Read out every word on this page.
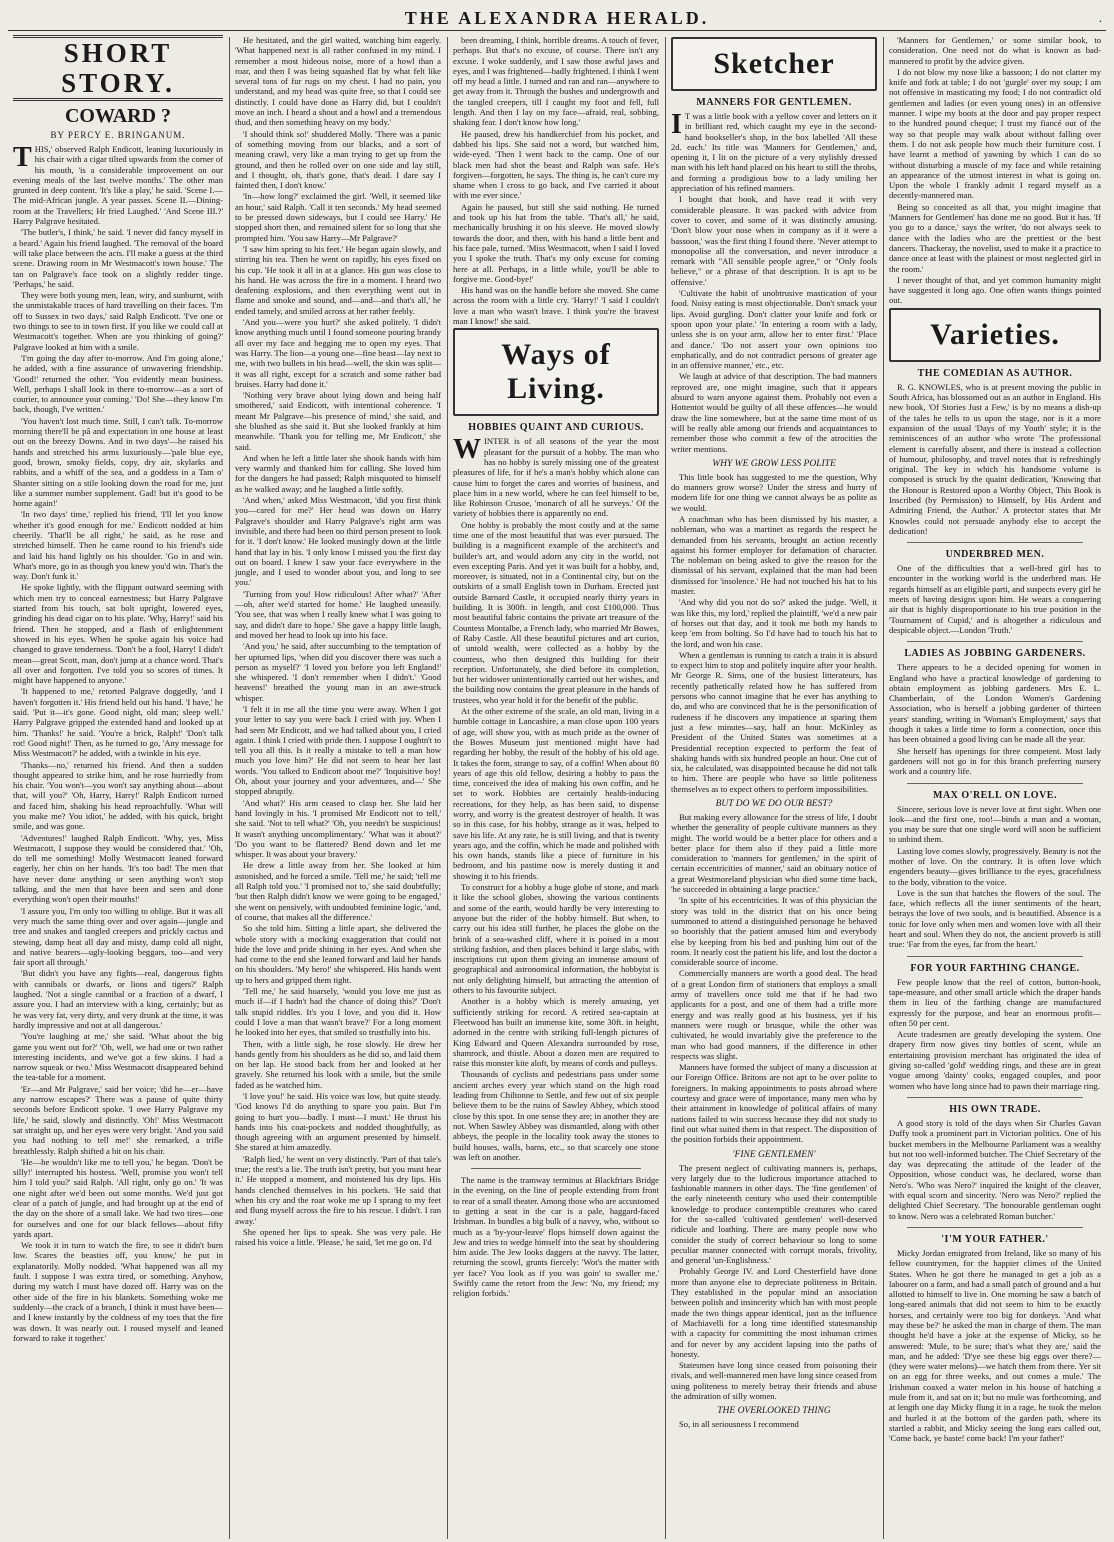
THE ALEXANDRA HERALD.	.
SHORT STORY.
COWARD ?
BY PERCY E. BRINGANUM.
T HIS,' observed Ralph Endicott, leaning luxuriously in his chair with a cigar tilted upwards from the corner of his mouth, 'is a considerable improvement on our evening meals of the last twelve months.' The other man grunted in deep content. 'It's like a play,' he said. 'Scene I.—The mid-African jungle. A year passes. Scene II.—Dining-room at the Travellers; Hr fried Laughed.' 'And Scene III.?' Harry Palgrave hesitated.

'The butler's, I think,' he said. 'I never did fancy myself in a beard.' Again his friend laughed. 'The removal of the board will take place between the acts. I'll make a guess at the third scene. Drawing room in Mr Westmacott's town house.' The tan on Palgrave's face took on a slightly redder tinge. 'Perhaps,' he said.

They were both young men, lean, wiry, and sunburnt, with the unmistakable traces of hard travelling on their faces. 'I'm off to Sussex in two days,' said Ralph Endicott. 'I've one or two things to see to in town first. If you like we could call at Westmacott's together. When are you thinking of going?' Palgrave looked at him with a smile.

'I'm going the day after to-morrow. And I'm going alone,' he added, with a fine assurance of unwavering friendship. 'Good!' returned the other. 'You evidently mean business. Well, perhaps I shall look in there to-morrow—as a sort of courier, to announce your coming.' 'Do! She—they know I'm back, though, I've written.'

'You haven't lost much time. Still, I can't talk. To-morrow morning there'll be pâ and expectation in one house at least out on the breezy Downs. And in two days'—he raised his hands and stretched his arms luxuriously—'pale blue eye, good, brown, smoky fields, copy, dry air, skylarks and rabbits, and a whiff of the sea, and a goddess in a Tam o' Shanter sitting on a stile looking down the road for me, just like a summer number supplement. Gad! but it's good to be home again!'

'In two days' time,' replied his friend, 'I'll let you know whether it's good enough for me.' Endicott nodded at him cheerily. 'That'll be all right,' he said, as he rose and stretched himself. Then he came round to his friend's side and laid his hand lightly on his shoulder. 'Go in and win. What's more, go in as though you knew you'd win. That's the way. Don't funk it.'

He spoke lightly, with the flippant outward seeming with which men try to conceal earnestness; but Harry Palgrave started from his touch, sat bolt upright, lowered eyes, grinding his dead cigar on to his plate. 'Why, Harry!' said his friend. Then he stopped, and a flash of enlightenment showed in his eyes. When he spoke again his voice had changed to grave tenderness. 'Don't be a fool, Harry! I didn't mean—great Scott, man, don't jump at a chance word. That's all over and forgotten. I've told you so scores of times. It might have happened to anyone.'

'It happened to me,' retorted Palgrave doggedly, 'and I haven't forgotten it.' His friend held out his hand. 'I have,' he said. 'Put it—it's gone. Good night, old man; sleep well.' Harry Palgrave gripped the extended hand and looked up at him. 'Thanks!' he said. 'You're a brick, Ralph!' 'Don't talk rot! Good night!' Then, as he turned to go, 'Any message for Miss Westmacott?' he added, with a twinkle in his eye.

'Thanks—no,' returned his friend. And then a sudden thought appeared to strike him, and he rose hurriedly from his chair. 'You won't—you won't say anything about—about that, will you?' 'Oh, Harry, Harry!' Ralph Endicott turned and faced him, shaking his head reproachfully. 'What will you make me? You idiot,' he added, with his quick, bright smile, and was gone.

'Adventures!' laughed Ralph Endicott. 'Why, yes, Miss Westmacott, I suppose they would be considered that.' 'Oh, do tell me something! Molly Westmacott leaned forward eagerly, her chin on her hands. 'It's too bad! The men that have never done anything or seen anything won't stop talking, and the men that have been and seen and done everything won't open their mouths!'

'I assure you, I'm only too willing to oblige. But it was all very much the same thing over and over again—jungle and tree and snakes and tangled creepers and prickly cactus and stewing, damp heat all day and misty, damp cold all night, and native bearers—ugly-looking beggars, too—and very fair sport all through.'

'But didn't you have any fights—real, dangerous fights with cannibals or dwarfs, or lions and tigers?' Ralph laughed. 'Not a single cannibal or a fraction of a dwarf, I assure you. I had an interview with a king, certainly; but as he was very fat, very dirty, and very drunk at the time, it was hardly impressive and not at all dangerous.'

'You're laughing at me,' she said. 'What about the big game you went out for?' 'Oh, well, we had one or two rather interesting incidents, and we've got a few skins. I had a narrow squeak or two.' Miss Westmacott disappeared behind the tea-table for a moment.

'Er—and Mr Palgrave,' said her voice; 'did he—er—have any narrow escapes?' There was a pause of quite thirty seconds before Endicott spoke. 'I owe Harry Palgrave my life,' he said, slowly and distinctly. 'Oh!' Miss Westmacott sat straight up, and her eyes were very bright. 'And you said you had nothing to tell me!' she remarked, a trifle breathlessly. Ralph shifted a bit on his chair.

'He—he wouldn't like me to tell you,' he began. 'Don't be silly!' interrupted his hostess. 'Well, promise you won't tell him I told you?' said Ralph. 'All right, only go on.' 'It was one night after we'd been out some months. We'd just got clear of a patch of jungle, and had brought up at the end of the day on the shore of a small lake. We had two tires—one for ourselves and one for our black fellows—about fifty yards apart.

We took it in turn to watch the fire, to see it didn't burn low. Scares the beasties off, you know,' he put in explanatorily. Molly nodded. 'What happened was all my fault. I suppose I was extra tired, or something. Anyhow, during my watch I must have dozed off. Harry was on the other side of the fire in his blankets. Something woke me suddenly—the crack of a branch, I think it must have been—and I knew instantly by the coldness of my toes that the fire was down. It was nearly out. I roused myself and leaned forward to rake it together.'

He hesitated, and the girl waited, watching him eagerly. 'What happened next is all rather confused in my mind. I remember a most hideous noise, more of a howl than a roar, and then I was being squashed flat by what felt like several tons of fur rugs on my chest. I had no pain, you understand, and my head was quite free, so that I could see distinctly. I could have done as Harry did, but I couldn't move an inch. I heard a shout and a howl and a tremendous thud, and then something heavy on my body.'

'I should think so!' shuddered Molly. 'There was a panic of something moving from our blacks, and a sort of meaning crawl, very like a man trying to get up from the ground, and then he rolled over on one side and lay still, and I thought, oh, that's gone, that's dead. I dare say I fainted then, I don't know.'

'In—how long?' exclaimed the girl. 'Well, it seemed like an hour,' said Ralph. 'Call it ten seconds.' My head seemed to be pressed down sideways, but I could see Harry.' He stopped short then, and remained silent for so long that she prompted him. 'You saw Harry—Mr Palgrave?'

'I saw him spring to his feet.' He began again slowly, and stirring his tea. Then he went on rapidly, his eyes fixed on his cup. 'He took it all in at a glance. His gun was close to his hand. He was across the fire in a moment. I heard two deafening explosions, and then everything went out in flame and smoke and sound, and—and—and that's all,' he ended tamely, and smiled across at her rather feebly.

'And you—were you hurt?' she asked politely. 'I didn't know anything much until I found someone pouring brandy all over my face and begging me to open my eyes. That was Harry. The lion—a young one—fine beast—lay next to me, with two bullets in his head—well, the skin was split—it was all right, except for a scratch and some rather bad bruises. Harry had done it.'

'Nothing very brave about lying down and being half smothered,' said Endicott, with intentional coherence. 'I meant Mr Palgrave—his presence of mind,' she said, and she blushed as she said it. But she looked frankly at him meanwhile. 'Thank you for telling me, Mr Endicott,' she said.

And when he left a little later she shook hands with him very warmly and thanked him for calling. She loved him for the dangers he had passed; Ralph misquoted to himself as he walked away; and he laughed a little softly.

'And when,' asked Miss Westmacott, 'did you first think you—cared for me?' Her head was down on Harry Palgrave's shoulder and Harry Palgrave's right arm was invisible, and there had been no third person present to look for it. 'I don't know.' He looked musingly down at the little hand that lay in his. 'I only know I missed you the first day out on board. I knew I saw your face everywhere in the jungle, and I used to wonder about you, and long to see you.'

'Turning from you! How ridiculous! After what?' 'After—oh, after we'd started for home.' He laughed uneasily. 'You see, that was when I really knew what I was going to say, and didn't dare to hope.' She gave a happy little laugh, and moved her head to look up into his face.

'And you,' he said, after succumbing to the temptation of her upturned lips, 'when did you discover there was such a person as myself?' 'I loved you before you left England!' she whispered. 'I don't remember when I didn't.' 'Good heavens!' breathed the young man in an awe-struck whisper.

'I felt it in me all the time you were away. When I got your letter to say you were back I cried with joy. When I had seen Mr Endicott, and we had talked about you, I cried again. I think I cried with pride then. I suppose I oughtn't to tell you all this. Is it really a mistake to tell a man how much you love him?' He did not seem to hear her last words. 'You talked to Endicott about me?' 'Inquisitive boy! Oh, about your journey and your adventures, and—' She stopped abruptly.

'And what?' His arm ceased to clasp her. She laid her hand lovingly in his. 'I promised Mr Endicott not to tell,' she said. 'Not to tell what?' 'Oh, you needn't be suspicious! It wasn't anything uncomplimentary.' 'What was it about?' 'Do you want to be flattered? Bend down and let me whisper. It was about your bravery.'

He drew a little away from her. She looked at him astonished, and he forced a smile. 'Tell me,' he said; 'tell me all Ralph told you.' 'I promised not to,' she said doubtfully; 'but then Ralph didn't know we were going to be engaged,' she went on pensively, with undoubted feminine logic, 'and, of course, that makes all the difference.'

So she told him. Sitting a little apart, she delivered the whole story with a mocking exaggeration that could not hide the love and pride shining in her eyes. And when she had come to the end she leaned forward and laid her hands on his shoulders. 'My hero!' she whispered. His hands went up to hers and gripped them tight.

'Tell me,' he said hoarsely, 'would you love me just as much if—if I hadn't had the chance of doing this?' 'Don't talk stupid riddles. It's you I love, and you did it. How could I love a man that wasn't brave?' For a long moment he looked into her eyes, that smiled so trustfully into his.

Then, with a little sigh, he rose slowly. He drew her hands gently from his shoulders as he did so, and laid them on her lap. He stood back from her and looked at her gravely. She returned his look with a smile, but the smile faded as he watched him.

'I love you!' he said. His voice was low, but quite steady. 'God knows I'd do anything to spare you pain. But I'm going to hurt you—badly. I must—I must.' He thrust his hands into his coat-pockets and nodded thoughtfully, as though agreeing with an argument presented by himself. She stared at him amazedly.

'Ralph lied,' he went on very distinctly. 'Part of that tale's true; the rest's a lie. The truth isn't pretty, but you must hear it.' He stopped a moment, and moistened his dry lips. His hands clenched themselves in his pockets. 'He said that when his cry and the roar woke me up I sprang to my feet and flung myself across the fire to his rescue. I didn't. I ran away.'

She opened her lips to speak. She was very pale. He raised his voice a little. 'Please,' he said, 'let me go on. I'd

been dreaming, I think, horrible dreams. A touch of fever, perhaps. But that's no excuse, of course. There isn't any excuse. I woke suddenly, and I saw those awful jaws and eyes, and I was frightened—badly frightened. I think I went off my head a little. I turned and ran and ran—anywhere to get away from it. Through the bushes and undergrowth and the tangled creepers, till I caught my foot and fell, full length. And then I lay on my face—afraid, real, sobbing, shaking fear. I don't know how long.'

He paused, drew his handkerchief from his pocket, and dabbed his lips. She said not a word, but watched him, wide-eyed. 'Then I went back to the camp. One of our black men had shot the beast and Ralph was safe. He's forgiven—forgotten, he says. The thing is, he can't cure my shame when I cross to go back, and I've carried it about with me ever since.'

Again he paused, but still she said nothing. He turned and took up his hat from the table. 'That's all,' he said, mechanically brushing it on his sleeve. He moved slowly towards the door, and then, with his hand a little bent and his face pale, turned. 'Miss Westmacott, when I said I loved you I spoke the truth. That's my only excuse for coming here at all. Perhaps, in a little while, you'll be able to forgive me. Good-bye!'

His hand was on the handle before she moved. She came across the room with a little cry. 'Harry!' 'I said I couldn't love a man who wasn't brave. I think you're the bravest man I know!' she said.

Ways of Living.
HOBBIES QUAINT AND CURIOUS.
W INTER is of all seasons of the year the most pleasant for the pursuit of a hobby. The man who has no hobby is surely missing one of the greatest pleasures of life, for if he's a man's hobby which alone can cause him to forget the cares and worries of business, and place him in a new world, where he can feel himself to be, like Robinson Crusoe, 'monarch of all he surveys.' Of the variety of hobbies there is apparently no end.

One hobby is probably the most costly and at the same time one of the most beautiful that was ever pursued. The building is a magnificent example of the architect's and builder's art, and would adorn any city in the world, not even excepting Paris. And yet it was built for a hobby, and, moreover, is situated, not in a Continental city, but on the outskirts of a small English town in Durham. Erected just outside Barnard Castle, it occupied nearly thirty years in building. It is 300ft. in length, and cost £100,000. Thus most beautiful fabric contains the private art treasure of the Countess Montalbe, a French lady, who married Mr Bowes, of Raby Castle. All these beautiful pictures and art curios, of untold wealth, were collected as a hobby by the countess, who then designed this building for their reception. Unfortunately, she died before its completion, but her widower unintentionally carried out her wishes, and the building now contains the great pleasure in the hands of trustees, who year hold it for the benefit of the public.

At the other extreme of the scale, an old man, living in a humble cottage in Lancashire, a man close upon 100 years of age, will show you, with as much pride as the owner of the Bowes Museum just mentioned might have had regarding her hobby, the result of the hobby of his old age. It takes the form, strange to say, of a coffin! When about 80 years of age this old fellow, desiring a hobby to pass the time, conceived the idea of making his own coffin, and he set to work. Hobbies are certainly health-inducing recreations, for they help, as has been said, to dispense worry, and worry is the greatest destroyer of health. It was so in this case, for his hobby, strange as it was, helped to save his life. At any rate, he is still living, and that is twenty years ago, and the coffin, which he made and polished with his own hands, stands like a piece of furniture in his bedroom, and his pastime now is merely dusting it and showing it to his friends.

To construct for a hobby a huge globe of stone, and mark it like the school globes, showing the various continents and some of the earth, would hardly be very interesting to anyone but the rider of the hobby himself. But when, to carry out his idea still further, he places the globe on the brink of a sea-washed cliff, where it is poised in a most striking fashion, and then places behind it large slabs, with inscriptions cut upon them giving an immense amount of geographical and astronomical information, the hobbyist is not only delighting himself, but attracting the attention of others to his favourite subject.

Another is a hobby which is merely amusing, yet sufficiently striking for record. A retired sea-captain at Fleetwood has built an immense kite, some 30ft. in height, adorned in the centre with striking full-length pictures of King Edward and Queen Alexandra surrounded by rose, shamrock, and thistle. About a dozen men are required to raise this monster kite aloft, by means of cords and pulleys.

Thousands of cyclists and pedestrians pass under some ancient arches every year which stand on the high road leading from Chiltonne to Settle, and few out of six people believe them to be the ruins of Sawley Abbey, which stood close by this spot. In one sense they are; in another they are not. When Sawley Abbey was dismantled, along with other abbeys, the people in the locality took away the stones to build houses, walls, barns, etc., so that scarcely one stone was left on another.

The name is the tramway terminus at Blackfriars Bridge in the evening, on the line of people extending from front to rear of a small theater. Among those who are accustomed to getting a seat in the car is a pale, haggard-faced Irishman. In bundles a big bulk of a navvy, who, without so much as a 'by-your-leave' flops himself down against the Jew and tries to wedge himself into the seat by shouldering him aside. The Jew looks daggers at the navvy. The latter, returning the scowl, grunts fiercely: 'Wot's the matter with yer face? You look as if you was goin' to swaller me.' Swiftly came the retort from the Jew: 'No, my friend; my religion forbids.'

Sketcher
MANNERS FOR GENTLEMEN.
I T was a little book with a yellow cover and letters on it in brilliant red, which caught my eye in the second-hand bookseller's shop, in the box labelled 'All these 2d. each.' Its title was 'Manners for Gentlemen,' and, opening it, I lit on the picture of a very stylishly dressed man with his left hand placed on his heart to still the throbs, and forming a prodigious bow to a lady smiling her appreciation of his refined manners.

I bought that book, and have read it with very considerable pleasure. It was packed with advice from cover to cover, and some of it was distinctly amusing. 'Don't blow your nose when in company as if it were a bassoon,' was the first thing I found there. 'Never attempt to monopolise all the conversation, and never introduce a remark with "All sensible people agree," or "Only fools believe," or a phrase of that description. It is apt to be offensive.'

'Cultivate the habit of unobtrusive mastication of your food. Noisy eating is most objectionable. Don't smack your lips. Avoid gurgling. Don't clatter your knife and fork or spoon upon your plate.' 'In entering a room with a lady, unless she is on your arm, allow her to enter first.' 'Place and dance.' 'Do not assert your own opinions too emphatically, and do not contradict persons of greater age in an offensive manner,' etc., etc.

We laugh at advice of that description. The bad manners reproved are, one might imagine, such that it appears absurd to warn anyone against them. Probably not even a Hottentot would be guilty of all these offences—he would draw the line somewhere, but at the same time most of us will be really able among our friends and acquaintances to remember those who commit a few of the atrocities the writer mentions.

WHY WE GROW LESS POLITE

This little book has suggested to me the question, Why do manners grow worse? Under the stress and hurry of modern life for one thing we cannot always be as polite as we would.

A coachman who has been dismissed by his master, a nobleman, who was a martinet as regards the respect he demanded from his servants, brought an action recently against his former employer for defamation of character. The nobleman on being asked to give the reason for the dismissal of his servant, explained that the man had been dismissed for 'insolence.' He had not touched his hat to his master.

'And why did you not do so?' asked the judge. 'Well, it was like this, my lord,' replied the plaintiff, 'we'd a new pair of horses out that day, and it took me both my hands to keep 'em from bolting. So I'd have had to touch his hat to the lord, and won his case.

When a gentleman is running to catch a train it is absurd to expect him to stop and politely inquire after your health. Mr George R. Sims, one of the busiest litterateurs, has recently pathetically related how he has suffered from persons who cannot imagine that he ever has anything to do, and who are convinced that he is the personification of rudeness if he discovers any impatience at sparing them just a few minutes—say, half an hour. McKinley as President of the United States was sometimes at a Presidential reception expected to perform the feat of shaking hands with six hundred people an hour. One cut of six, he calculated, was disappointed because he did not talk to him. There are people who have so little politeness themselves as to expect others to perform impossibilities.

BUT DO WE DO OUR BEST?

But making every allowance for the stress of life, I doubt whether the generality of people cultivate manners as they might. The world would be a better place for others and a better place for them also if they paid a little more consideration to 'manners for gentlemen,' in the spirit of certain eccentricities of manner,' said an obituary notice of a great Westmoreland physician who died some time back, 'he succeeded in obtaining a large practice.'

'In spite of his eccentricities. It was of this physician the story was told in the district that on his once being summoned to attend a distinguished personage he behaved so boorishly that the patient amused him and everybody else by keeping from his bed and pushing him out of the room. It nearly cost the patient his life, and lost the doctor a considerable source of income.

Commercially manners are worth a good deal. The head of a great London firm of stationers that employs a small army of travellers once told me that if he had two applicants for a post, and one of them had a trifle more energy and was really good at his business, yet if his manners were rough or brusque, while the other was cultivated, he would invariably give the preference to the man who had good manners, if the difference in other respects was slight.

Manners have formed the subject of many a discussion at our Foreign Office. Britons are not apt to be over polite to foreigners. In making appointments to posts abroad where courtesy and grace were of importance, many men who by their attainment in knowledge of political affairs of many nations failed to win success because they did not study to find out what suited them in that respect. The disposition of the position forbids their appointment.

'FINE GENTLEMEN'

The present neglect of cultivating manners is, perhaps, very largely due to the ludicrous importance attached to fashionable manners in other days. The 'fine gentlemen' of the early nineteenth century who used their contemptible knowledge to produce contemptible creatures who cared for the so-called 'cultivated gentlemen' well-deserved ridicule and loathing. There are many people now who consider the study of correct behaviour so long to some peculiar manner connected with corrupt morals, frivolity, and general 'un-Englishness.'

Probably George IV. and Lord Chesterfield have done more than anyone else to depreciate politeness in Britain. They established in the popular mind an association between polish and insincerity which has with most people made the two things appear identical, just as the influence of Machiavelli for a long time identified statesmanship with a capacity for committing the most inhuman crimes and for never by any accident lapsing into the paths of honesty.

Statesmen have long since ceased from poisoning their rivals, and well-mannered men have long since ceased from using politeness to merely betray their friends and abuse the admiration of silly women.

THE OVERLOOKED THING

So, in all seriousness I recommend

'Manners for Gentlemen,' or some similar book, to consideration. One need not do what is known as bad-mannered to profit by the advice given.

I do not blow my nose like a bassoon; I do not clatter my knife and fork at table; I do not 'gurgle' over my soup; I am not offensive in masticating my food; I do not contradict old gentlemen and ladies (or even young ones) in an offensive manner. I wipe my boots at the door and pay proper respect to the hundred pound cheque; I trust my fiancé out of the way so that people may walk about without falling over them. I do not ask people how much their furniture cost. I have learnt a method of yawning by which I can do so without disturbing a muscle of my face and while retaining an appearance of the utmost interest in what is going on. Upon the whole I frankly admit I regard myself as a decently-mannered man.

Being so conceited as all that, you might imagine that 'Manners for Gentlemen' has done me no good. But it has. 'If you go to a dance,' says the writer, 'do not always seek to dance with the ladies who are the prettiest or the best dancers. Thackeray, the novelist, used to make it a practice to dance once at least with the plainest or most neglected girl in the room.'

I never thought of that, and yet common humanity might have suggested it long ago. One often wants things pointed out.

Varieties.
THE COMEDIAN AS AUTHOR.

R. G. KNOWLES, who is at present moving the public in South Africa, has blossomed out as an author in England. His new book, 'Of Stories Just a Few,' is by no means a dish-up of the tales he tells to us upon the stage, nor is it a more expansion of the usual 'Days of my Youth' style; it is the reminiscences of an author who wrote 'The professional element is carefully absent, and there is instead a collection of humour, philosophy, and travel notes that is refreshingly original. The key in which his handsome volume is composed is struck by the quaint dedication, 'Knowing that the Honour is Restored upon a Worthy Object, This Book is Inscribed (by Permission) to Himself, by His Ardent and Admiring Friend, the Author.' A protector states that Mr Knowles could not persuade anybody else to accept the dedication!

UNDERBRED MEN.

One of the difficulties that a well-bred girl has to encounter in the working world is the underbred man. He regards himself as an eligible parti, and suspects every girl he meets of having designs upon him. He wears a conquering air that is highly disproportionate to his true position in the 'Tournament of Cupid,' and is altogether a ridiculous and despicable object.—London 'Truth.'

LADIES AS JOBBING GARDENERS.

There appears to be a decided opening for women in England who have a practical knowledge of gardening to obtain employment as jobbing gardeners. Mrs E. L. Chamberlain, of the London Women's Gardening Association, who is herself a jobbing gardener of thirteen years' standing, writing in 'Woman's Employment,' says that though it takes a little time to form a connection, once this has been obtained a good living can be made all the year.

She herself has openings for three competent. Most lady gardeners will not go in for this branch preferring nursery work and a country life.

MAX O'RELL ON LOVE.

Sincere, serious love is never love at first sight. When one look—and the first one, too!—binds a man and a woman, you may be sure that one single word will soon be sufficient to unbind them.

Lasting love comes slowly, progressively. Beauty is not the mother of love. On the contrary. It is often love which engenders beauty—gives brilliance to the eyes, gracefulness to the body, vibration to the voice.

Love is the sun that hatches the flowers of the soul. The face, which reflects all the inner sentiments of the heart, betrays the love of two souls, and is beautified. Absence is a tonic for love only when men and women love with all their heart and soul. When they do not, the ancient proverb is still true: 'Far from the eyes, far from the heart.'

FOR YOUR FARTHING CHANGE.

Few people know that the reel of cotton, button-hook, tape-measure, and other small article which the draper hands them in lieu of the farthing change are manufactured expressly for the purpose, and bear an enormous profit—often 50 per cent.

Acute tradesmen are greatly developing the system. One drapery firm now gives tiny bottles of scent, while an entertaining provision merchant has originated the idea of giving so-called 'gold' wedding rings, and these are in great vogue among 'dainty' cooks, engaged couples, and poor women who have long since had to pawn their marriage ring.

HIS OWN TRADE.

A good story is told of the days when Sir Charles Gavan Duffy took a prominent part in Victorian politics. One of his bucket members in the Melbourne Parliament was a wealthy but not too well-informed butcher. The Chief Secretary of the day was deprecating the attitude of the leader of the Opposition, whose conduct was, he declared, worse than Nero's. 'Who was Nero?' inquired the knight of the cleaver, with equal scorn and sincerity. 'Nero was Nero?' replied the delighted Chief Secretary. 'The honourable gentleman ought to know. Nero was a celebrated Roman butcher.'

'I'M YOUR FATHER.'

Micky Jordan emigrated from Ireland, like so many of his fellow countrymen, for the happier climes of the United States. When he got there he managed to get a job as a labourer on a farm, and had a small patch of ground and a hut allotted to himself to live in. One morning he saw a batch of long-eared animals that did not seem to him to be exactly horses, and certainly were too big for donkeys. 'And what may these be?' he asked the man in charge of them. The man thought he'd have a joke at the expense of Micky, so he answered: 'Mule, to be sure; that's what they are,' said the man, and he added: 'D'ye see these big eggs over there?—(they were water melons)—we hatch them from there. Yer sit on an egg for three weeks, and out comes a mule.' The Irishman coaxed a water melon in his house of hatching a mule from it, and sat on it; but no mule was forthcoming, and at length one day Micky flung it in a rage, he took the melon and hurled it at the bottom of the garden path, where its startled a rabbit, and Micky seeing the long ears called out, 'Come back, ye baste! come back! I'm your father!'
